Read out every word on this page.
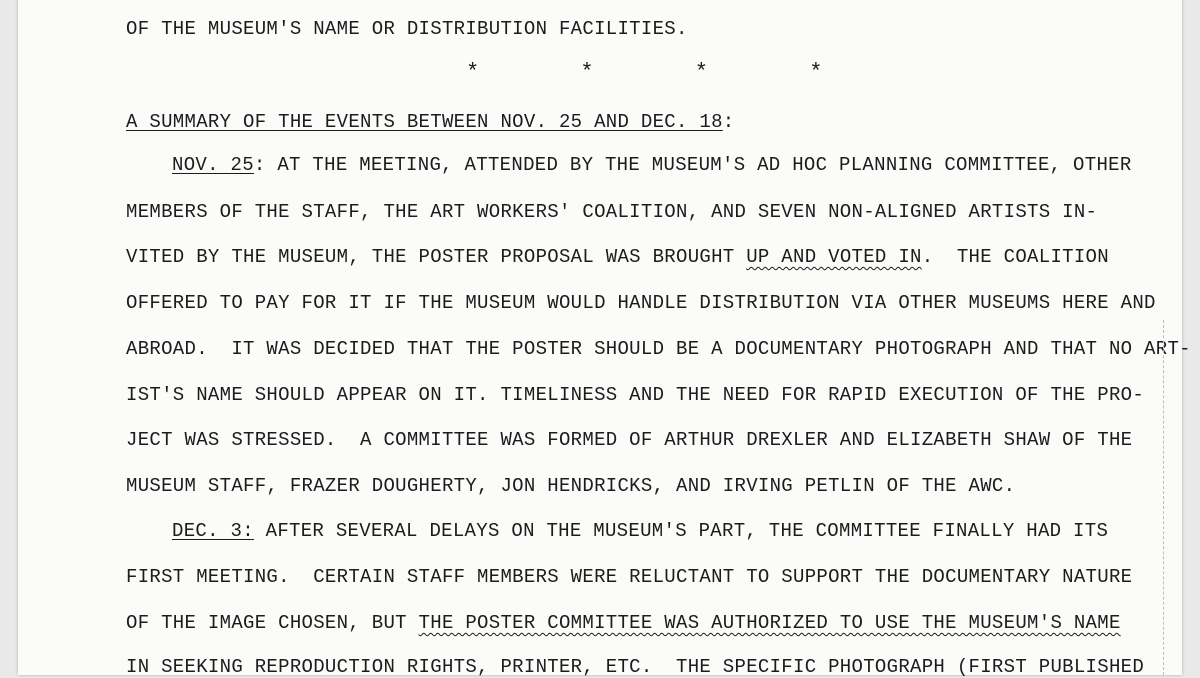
OF THE MUSEUM'S NAME OR DISTRIBUTION FACILITIES.
* * * *
A SUMMARY OF THE EVENTS BETWEEN NOV. 25 AND DEC. 18:
NOV. 25: AT THE MEETING, ATTENDED BY THE MUSEUM'S AD HOC PLANNING COMMITTEE, OTHER
MEMBERS OF THE STAFF, THE ART WORKERS' COALITION, AND SEVEN NON-ALIGNED ARTISTS IN-
VITED BY THE MUSEUM, THE POSTER PROPOSAL WAS BROUGHT UP AND VOTED IN.  THE COALITION
OFFERED TO PAY FOR IT IF THE MUSEUM WOULD HANDLE DISTRIBUTION VIA OTHER MUSEUMS HERE AND
ABROAD.  IT WAS DECIDED THAT THE POSTER SHOULD BE A DOCUMENTARY PHOTOGRAPH AND THAT NO ART-
IST'S NAME SHOULD APPEAR ON IT. TIMELINESS AND THE NEED FOR RAPID EXECUTION OF THE PRO-
JECT WAS STRESSED.  A COMMITTEE WAS FORMED OF ARTHUR DREXLER AND ELIZABETH SHAW OF THE
MUSEUM STAFF, FRAZER DOUGHERTY, JON HENDRICKS, AND IRVING PETLIN OF THE AWC.
DEC. 3: AFTER SEVERAL DELAYS ON THE MUSEUM'S PART, THE COMMITTEE FINALLY HAD ITS
FIRST MEETING.  CERTAIN STAFF MEMBERS WERE RELUCTANT TO SUPPORT THE DOCUMENTARY NATURE
OF THE IMAGE CHOSEN, BUT THE POSTER COMMITTEE WAS AUTHORIZED TO USE THE MUSEUM'S NAME
IN SEEKING REPRODUCTION RIGHTS, PRINTER, ETC.  THE SPECIFIC PHOTOGRAPH (FIRST PUBLISHED
